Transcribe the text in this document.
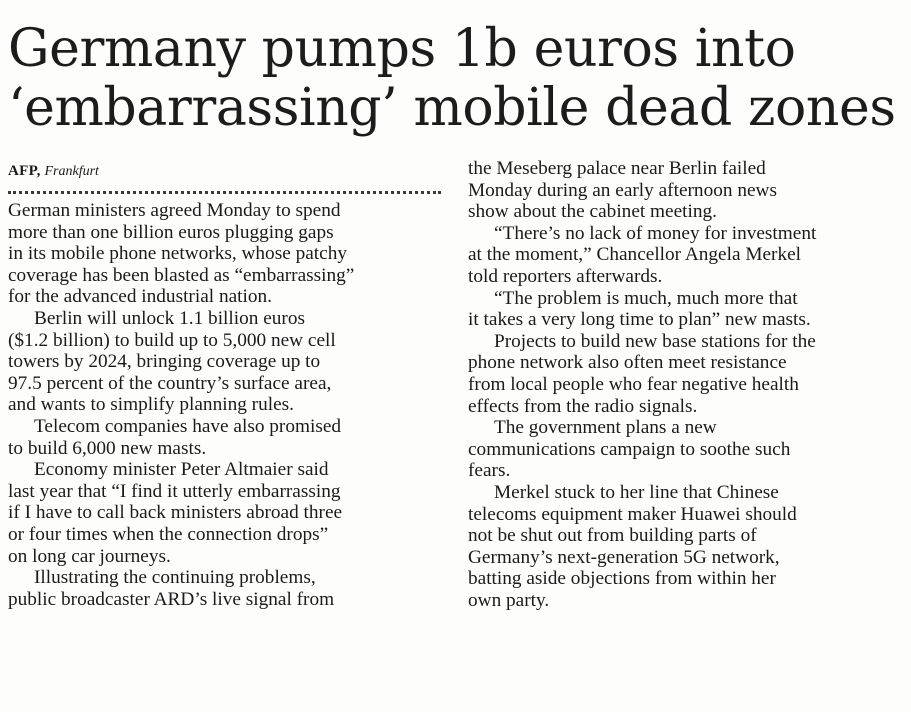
Germany pumps 1b euros into
‘embarrassing’ mobile dead zones
AFP, Frankfurt
German ministers agreed Monday to spend
more than one billion euros plugging gaps
in its mobile phone networks, whose patchy
coverage has been blasted as “embarrassing”
for the advanced industrial nation.
Berlin will unlock 1.1 billion euros
($1.2 billion) to build up to 5,000 new cell
towers by 2024, bringing coverage up to
97.5 percent of the country’s surface area,
and wants to simplify planning rules.
Telecom companies have also promised
to build 6,000 new masts.
Economy minister Peter Altmaier said
last year that “I find it utterly embarrassing
if I have to call back ministers abroad three
or four times when the connection drops”
on long car journeys.
Illustrating the continuing problems,
public broadcaster ARD’s live signal from
the Meseberg palace near Berlin failed
Monday during an early afternoon news
show about the cabinet meeting.
“There’s no lack of money for investment
at the moment,” Chancellor Angela Merkel
told reporters afterwards.
“The problem is much, much more that
it takes a very long time to plan” new masts.
Projects to build new base stations for the
phone network also often meet resistance
from local people who fear negative health
effects from the radio signals.
The government plans a new
communications campaign to soothe such
fears.
Merkel stuck to her line that Chinese
telecoms equipment maker Huawei should
not be shut out from building parts of
Germany’s next-generation 5G network,
batting aside objections from within her
own party.
